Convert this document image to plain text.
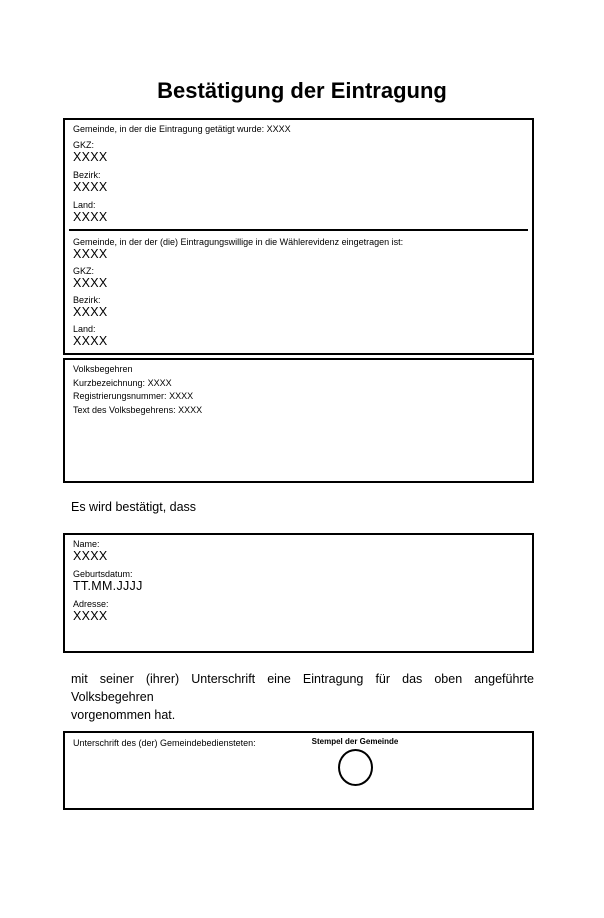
Bestätigung der Eintragung
Gemeinde, in der die Eintragung getätigt wurde: XXXX
GKZ:
XXXX
Bezirk:
XXXX
Land:
XXXX
Gemeinde, in der der (die) Eintragungswillige in die Wählerevidenz eingetragen ist:
XXXX
GKZ:
XXXX
Bezirk:
XXXX
Land:
XXXX
Volksbegehren
Kurzbezeichnung: XXXX
Registrierungsnummer: XXXX
Text des Volksbegehrens: XXXX
Es wird bestätigt, dass
Name:
XXXX
Geburtsdatum:
TT.MM.JJJJ
Adresse:
XXXX
mit seiner (ihrer) Unterschrift eine Eintragung für das oben angeführte Volksbegehren
vorgenommen hat.
Unterschrift des (der) Gemeindebediensteten:	Stempel der Gemeinde
